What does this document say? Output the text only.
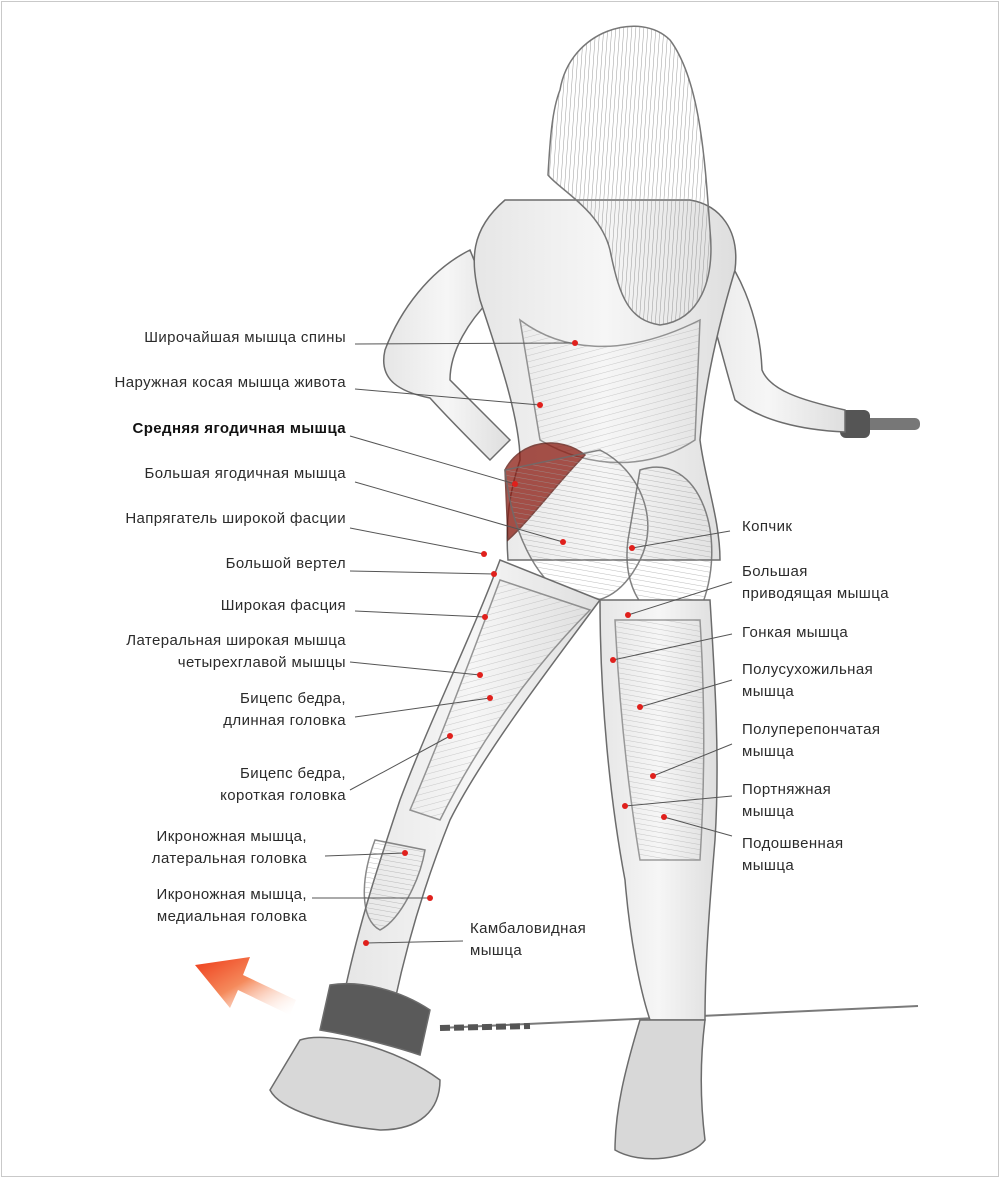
Широчайшая мышца спины
Наружная косая мышца живота
Средняя ягодичная мышца
Большая ягодичная мышца
Напрягатель широкой фасции
Большой вертел
Широкая фасция
Латеральная широкая мышца
четырехглавой мышцы
Бицепс бедра,
длинная головка
Бицепс бедра,
короткая головка
Икроножная мышца,
латеральная головка
Икроножная мышца,
медиальная головка
Камбаловидная
мышца
Копчик
Большая
приводящая мышца
Гонкая мышца
Полусухожильная
мышца
Полуперепончатая
мышца
Портняжная
мышца
Подошвенная
мышца
